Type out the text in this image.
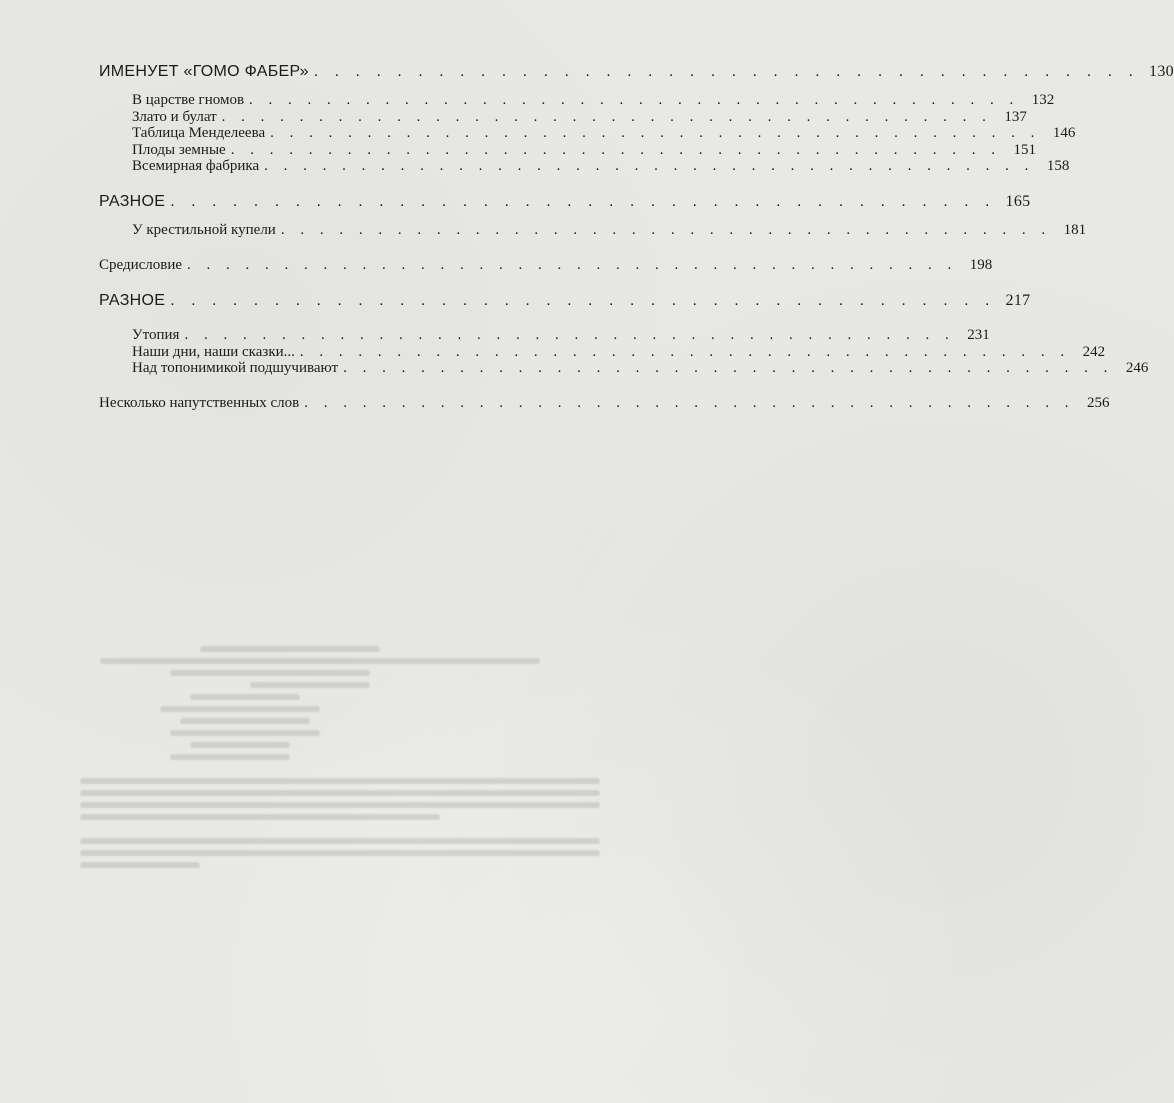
ИМЕНУЕТ «ГОМО ФАБЕР» . . . . . . . . . . . . . . . . . . . . . . . . . . . . . . . . . . . . . . . . 130
В царстве гномов . . . . . . . . . . . . . . . . . . . . . . . . . . . . . . . . . . . . . . . . 132
Злато и булат . . . . . . . . . . . . . . . . . . . . . . . . . . . . . . . . . . . . . . . . 137
Таблица Менделеева . . . . . . . . . . . . . . . . . . . . . . . . . . . . . . . . . . . . . . . . 146
Плоды земные . . . . . . . . . . . . . . . . . . . . . . . . . . . . . . . . . . . . . . . . 151
Всемирная фабрика . . . . . . . . . . . . . . . . . . . . . . . . . . . . . . . . . . . . . . . . 158
РАЗНОЕ . . . . . . . . . . . . . . . . . . . . . . . . . . . . . . . . . . . . . . . . 165
У крестильной купели . . . . . . . . . . . . . . . . . . . . . . . . . . . . . . . . . . . . . . . . 181
Средисловие . . . . . . . . . . . . . . . . . . . . . . . . . . . . . . . . . . . . . . . . 198
РАЗНОЕ . . . . . . . . . . . . . . . . . . . . . . . . . . . . . . . . . . . . . . . . 217
Утопия . . . . . . . . . . . . . . . . . . . . . . . . . . . . . . . . . . . . . . . . 231
Наши дни, наши сказки... . . . . . . . . . . . . . . . . . . . . . . . . . . . . . . . . . . . . . . . . 242
Над топонимикой подшучивают . . . . . . . . . . . . . . . . . . . . . . . . . . . . . . . . . . . . . . . . 246
Несколько напутственных слов . . . . . . . . . . . . . . . . . . . . . . . . . . . . . . . . . . . . . . . . 256
